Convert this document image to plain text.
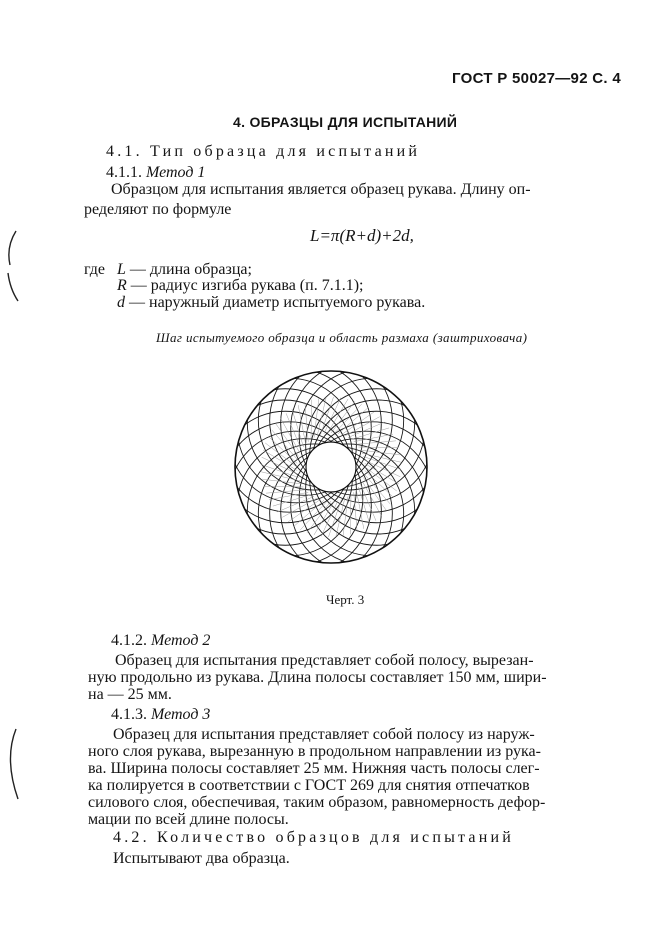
ГОСТ Р 50027—92 С. 4
4. ОБРАЗЦЫ ДЛЯ ИСПЫТАНИЙ
4.1. Тип образца для испытаний
4.1.1. Метод 1
Образцом для испытания является образец рукава. Длину оп-
ределяют по формуле
L=π(R+d)+2d,
где L — длина образца;
R — радиус изгиба рукава (п. 7.1.1);
d — наружный диаметр испытуемого рукава.
Шаг испытуемого образца и область размаха (заштриховача)
Черт. 3
4.1.2. Метод 2
Образец для испытания представляет собой полосу, вырезан-
ную продольно из рукава. Длина полосы составляет 150 мм, шири-
на — 25 мм.
4.1.3. Метод 3
Образец для испытания представляет собой полосу из наруж-
ного слоя рукава, вырезанную в продольном направлении из рука-
ва. Ширина полосы составляет 25 мм. Нижняя часть полосы слег-
ка полируется в соответствии с ГОСТ 269 для снятия отпечатков
силового слоя, обеспечивая, таким образом, равномерность дефор-
мации по всей длине полосы.
4.2. Количество образцов для испытаний
Испытывают два образца.
